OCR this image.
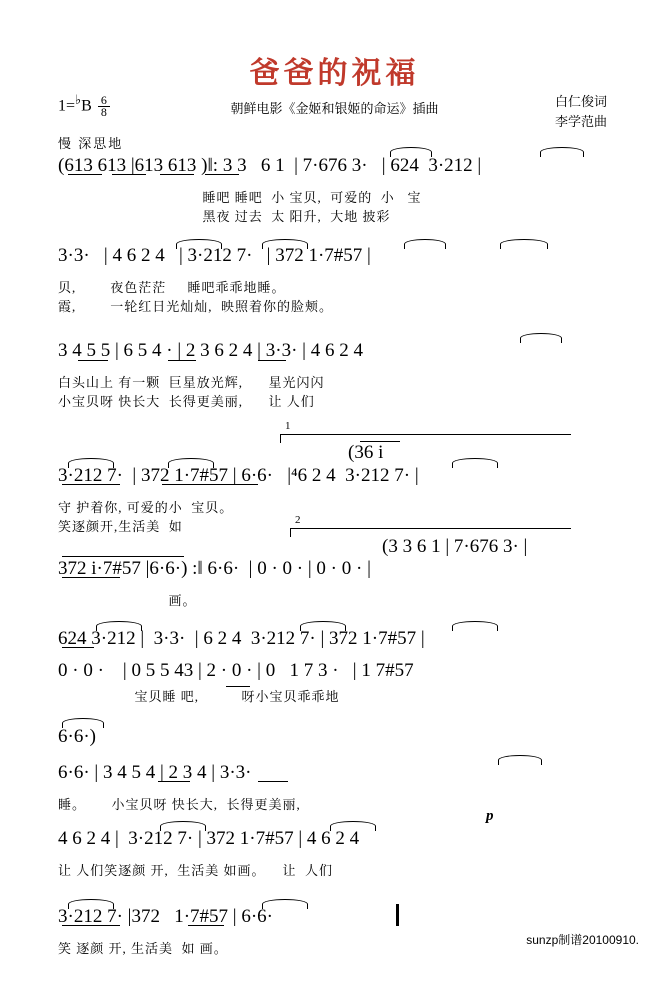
爸爸的祝福
$1=^♭B \frac{6}{8}$	朝鲜电影《金姬和银姬的命运》插曲	白仁俊词
李学范曲
慢 深思地
(613 613 |613 613 )‖: 3 3   6 1  | 7·676 3·   | 624  3·212 |
睡吧 睡吧  小 宝贝,  可爱的  小   宝
黑夜 过去  太 阳升,  大地 披彩
3·3·   | 4 6 2 4   | 3·212 7·   | 372 1·7#57 |
贝,        夜色茫茫     睡吧乖乖地睡。
霞,        一轮红日光灿灿,  映照着你的脸颊。
3 4 5 5 | 6 5 4 · | 2 3 6 2 4 | 3·3· | 4 6 2 4
白头山上 有一颗  巨星放光辉,      星光闪闪
小宝贝呀 快长大  长得更美丽,      让 人们
1
(36 i
3·212 7·  | 372 1·7#57 | 6·6·   |⁴6 2 4  3·212 7· |
守 护着你, 可爱的小  宝贝。
笑逐颜开,生活美  如	2
(3 3 6 1 | 7·676 3· |
372 i·7#57 |6·6·) :‖ 6·6·  | 0 · 0 · | 0 · 0 · |
画。
624 3·212 |  3·3·  | 6 2 4  3·212 7· | 372 1·7#57 |
0 · 0 ·    | 0 5 5 43 | 2 · 0 · | 0   1 7 3 ·   | 1 7#57
宝贝睡 吧,          呀小宝贝乖乖地
6·6·)
6·6· | 3 4 5 4 | 2 3 4 | 3·3·
睡。      小宝贝呀 快长大,  长得更美丽,
p
4 6 2 4 |  3·212 7· | 372 1·7#57 | 4 6 2 4
让 人们笑逐颜 开,  生活美 如画。    让  人们
3·212 7· |372   1·7#57 | 6·6·
笑 逐颜 开, 生活美  如 画。
sunzp制谱20100910.
